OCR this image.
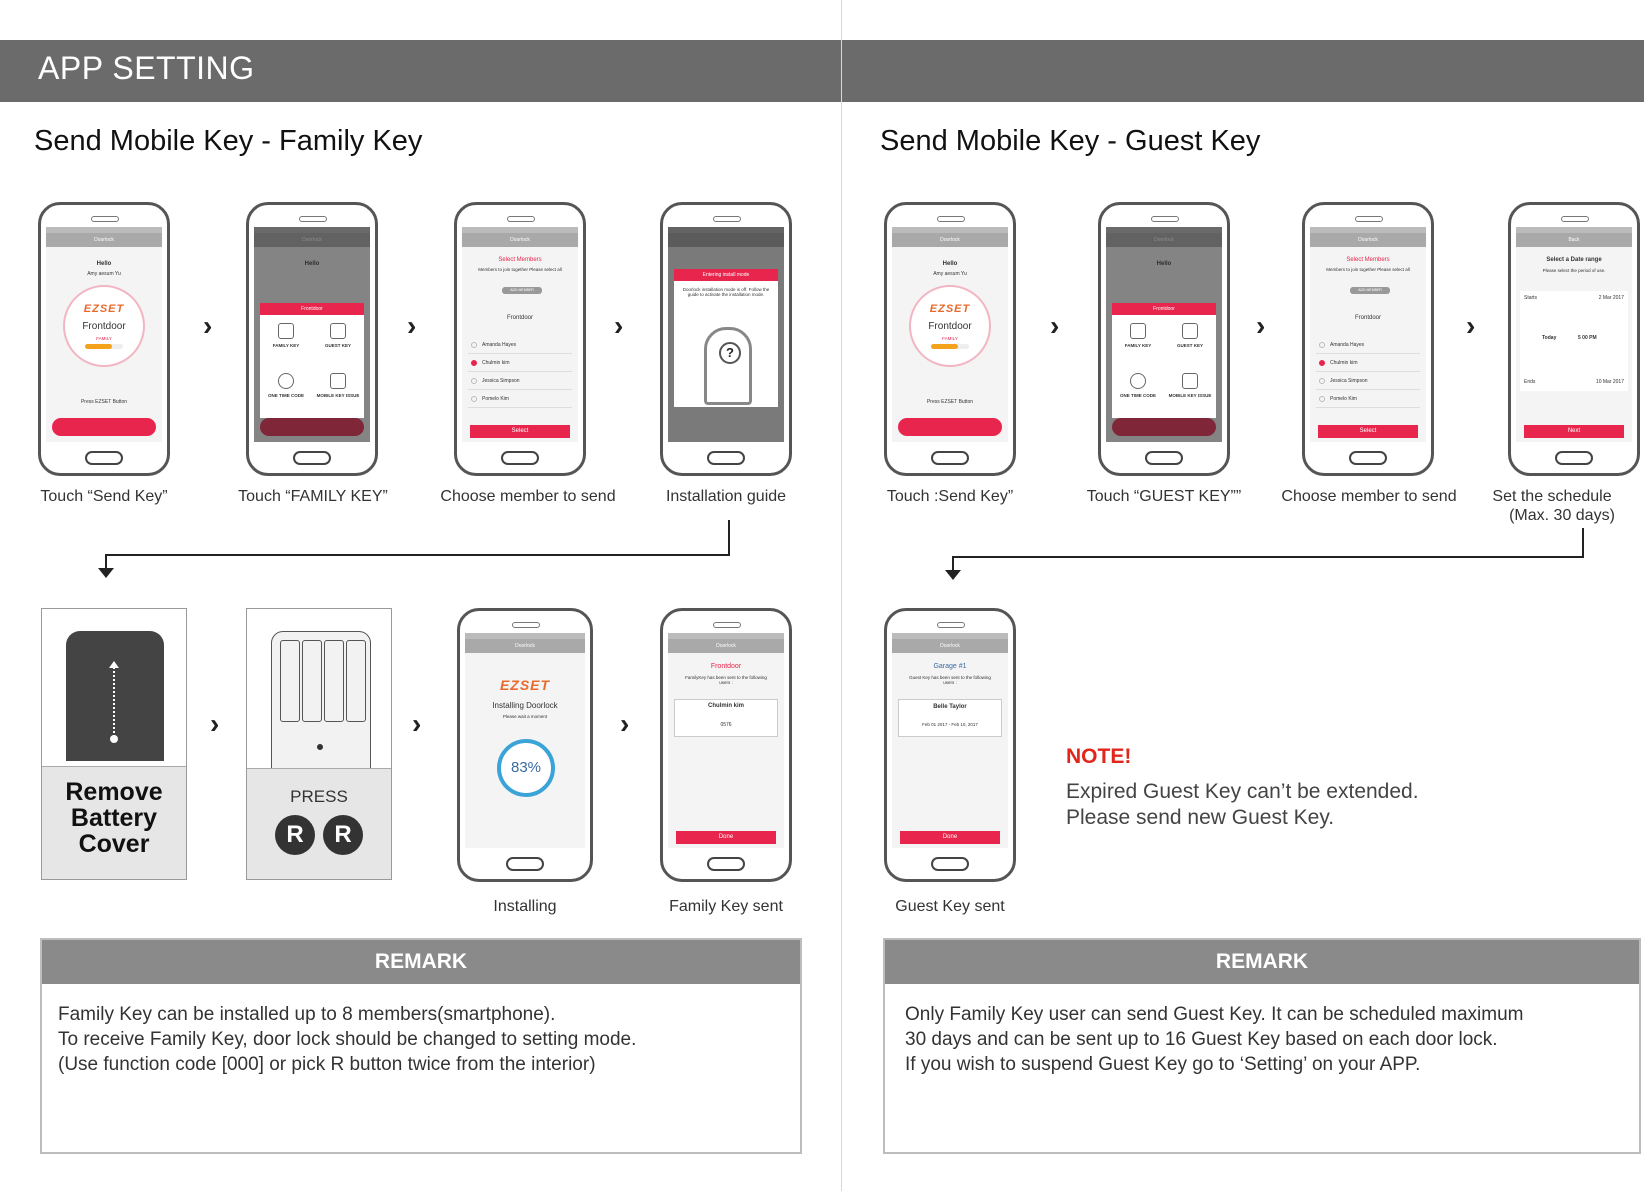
APP SETTING
Send Mobile Key - Family Key	Send Mobile Key - Guest Key
Doorlock
Hello
Amy aesum Yu
EZSET
Frontdoor
FAMILY
Press EZSET Button
Touch “Send Key”
›
Frontdoor
FAMILY KEY	GUEST KEY
ONE TIME CODE	MOBILE KEY ISSUE
Touch “FAMILY KEY”
›
Doorlock
Select Members
Members to join together Please select all
ADD MEMBER
Frontdoor
Amanda Hayes
Chulmin kim
Jessica Simpson
Pomelo Kim
Select
Choose member to send
›
Entering install mode
Doorlock installation mode is off. Follow the guide to activate the installation mode.
?
Installation guide
Remove Battery Cover
›
PRESS
R R
›
Doorlock
EZSET
Installing Doorlock
Please wait a moment
83%
Installing
›
Doorlock
Frontdoor
FamilyKey has been sent to the following users :
Chulmin kim
0576
Done
Family Key sent
REMARK
Family Key can be installed up to 8 members(smartphone).
To receive Family Key, door lock should be changed to setting mode.
(Use function code [000] or pick R button twice from the interior)
Doorlock
Hello
Amy aesum Yu
EZSET
Frontdoor
FAMILY
Press EZSET Button
Touch :Send Key”
›
Frontdoor
FAMILY KEY	GUEST KEY
ONE TIME CODE	MOBILE KEY ISSUE
Touch “GUEST KEY””
›
Doorlock
Select Members
Members to join together Please select all
ADD MEMBER
Frontdoor
Amanda Hayes
Chulmin kim
Jessica Simpson
Pomelo Kim
Select
Choose member to send
›
Back
Select a Date range
Please select the period of use.
Starts	2 Mar 2017
Today	5 00 PM
Ends	10 Mar 2017
Next
Set the schedule
(Max. 30 days)
Doorlock
Garage #1
Guest Key has been sent to the following users :
Belle Taylor
Feb 01 2017 - Feb 10, 2017
Done
Guest Key sent
NOTE!
Expired Guest Key can’t be extended.
Please send new Guest Key.
REMARK
Only Family Key user can send Guest Key. It can be scheduled maximum
30 days and can be sent up to 16 Guest Key based on each door lock.
If you wish to suspend Guest Key go to ‘Setting’ on your APP.
